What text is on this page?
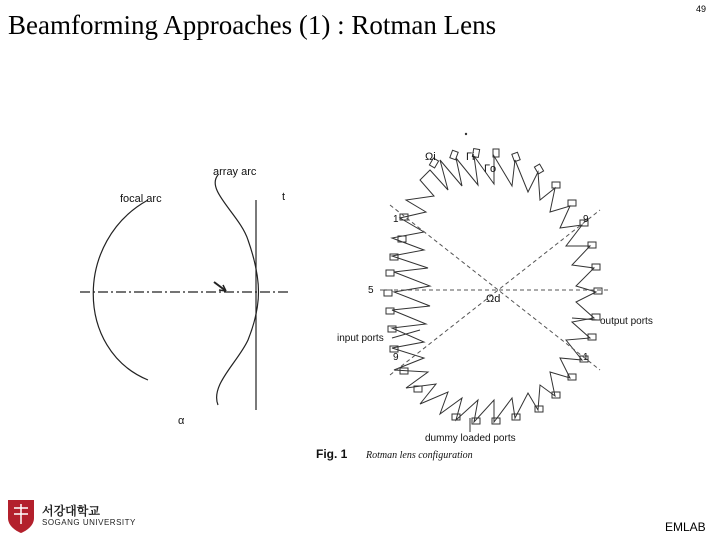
Beamforming Approaches (1) : Rotman Lens
49
focal arc
array arc
t
α
Ωi	Γi
Γo
Ωd
1	9
5
input ports
output ports
9	1
dummy loaded ports
Fig. 1 Rotman lens configuration
서강대학교
SOGANG UNIVERSITY	EMLAB
